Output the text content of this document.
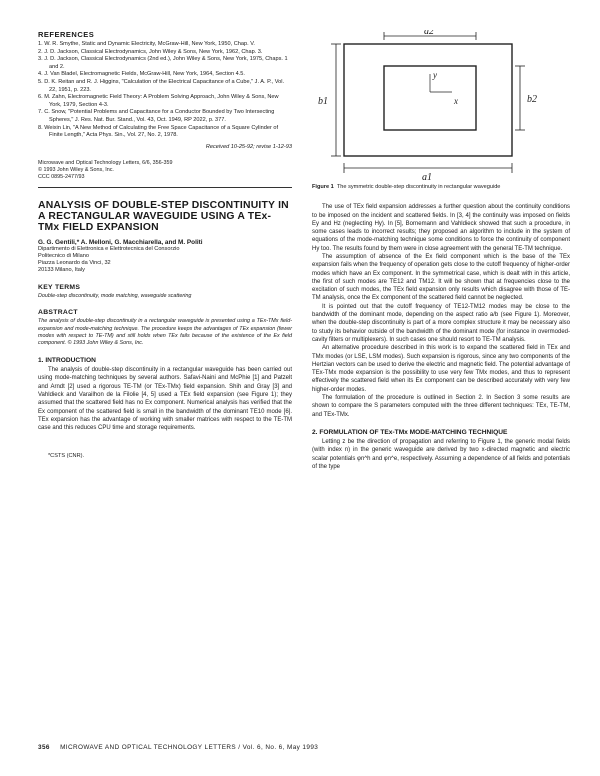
REFERENCES

1. W. R. Smythe, Static and Dynamic Electricity, McGraw-Hill, New York, 1950, Chap. V.

2. J. D. Jackson, Classical Electrodynamics, John Wiley & Sons, New York, 1962, Chap. 3.

3. J. D. Jackson, Classical Electrodynamics (2nd ed.), John Wiley & Sons, New York, 1975, Chaps. 1 and 2.

4. J. Van Bladel, Electromagnetic Fields, McGraw-Hill, New York, 1964, Section 4.5.

5. D. K. Reitan and R. J. Higgins, "Calculation of the Electrical Capacitance of a Cube," J. A. P., Vol. 22, 1951, p. 223.

6. M. Zahn, Electromagnetic Field Theory: A Problem Solving Approach, John Wiley & Sons, New York, 1979, Section 4-3.

7. C. Snow, "Potential Problems and Capacitance for a Conductor Bounded by Two Intersecting Spheres," J. Res. Nat. Bur. Stand., Vol. 43, Oct. 1949, RP 2022, p. 377.

8. Weixin Lin, "A New Method of Calculating the Free Space Capacitance of a Square Cylinder of Finite Length," Acta Phys. Sin., Vol. 27, No. 2, 1978.

Received 10-25-92; revise 1-12-93
Microwave and Optical Technology Letters, 6/6, 356-359
© 1993 John Wiley & Sons, Inc.
CCC 0895-2477/93
ANALYSIS OF DOUBLE-STEP DISCONTINUITY IN A RECTANGULAR WAVEGUIDE USING A TEx-TMx FIELD EXPANSION
G. G. Gentili,* A. Melloni, G. Macchiarella, and M. Politi
Dipartimento di Elettronica e Elettrotecnica del Consorzio
Politecnico di Milano
Piazza Leonardo da Vinci, 32
20133 Milano, Italy
KEY TERMS
Double-step discontinuity, mode matching, waveguide scattering
ABSTRACT

The analysis of double-step discontinuity in a rectangular waveguide is presented using a TEx-TMx field-expansion and mode-matching technique. The procedure keeps the advantages of TEx expansion (fewer modes with respect to TE-TM) and still holds when TEx fails because of the existence of the Ex field component. © 1993 John Wiley & Sons, Inc.

1. INTRODUCTION

The analysis of double-step discontinuity in a rectangular waveguide has been carried out using mode-matching techniques by several authors. Safavi-Naini and McPhie [1] and Patzelt and Arndt [2] used a rigorous TE-TM (or TEx-TMx) field expansion. Shih and Gray [3] and Vahldieck and Varailhon de la Filolie [4, 5] used a TEx field expansion (see Figure 1); they assumed that the scattered field has no Ex component. Numerical analysis has verified that the Ex component of the scattered field is small in the bandwidth of the dominant TE10 mode [6]. TEx expansion has the advantage of working with smaller matrices with respect to the TE-TM case and this reduces CPU time and storage requirements.

*CSTS (CNR).
a2
a1
b1	b2
x
y

Figure 1 The symmetric double-step discontinuity in rectangular waveguide

The use of TEx field expansion addresses a further question about the continuity conditions to be imposed on the incident and scattered fields. In [3, 4] the continuity was imposed on fields Ey and Hz (neglecting Hy). In [5], Bornemann and Vahldieck showed that such a procedure, in some cases leads to incorrect results; they proposed an algorithm to include in the system of equations of the mode-matching technique some conditions to force the continuity of component Hy too. The results found by them were in close agreement with the general TE-TM technique.

The assumption of absence of the Ex field component which is the base of the TEx expansion fails when the frequency of operation gets close to the cutoff frequency of higher-order modes which have an Ex component. In the symmetrical case, which is dealt with in this article, the first of such modes are TE12 and TM12. It will be shown that at frequencies close to the excitation of such modes, the TEx field expansion only results which disagree with those of TE-TM analysis, once the Ex component of the scattered field cannot be neglected.

It is pointed out that the cutoff frequency of TE12-TM12 modes may be close to the bandwidth of the dominant mode, depending on the aspect ratio a/b (see Figure 1). Moreover, when the double-step discontinuity is part of a more complex structure it may be necessary also to study its behavior outside of the bandwidth of the dominant mode (for instance in overmoded-cavity filters or multiplexers). In such cases one should resort to TE-TM analysis.

An alternative procedure described in this work is to expand the scattered field in TEx and TMx modes (or LSE, LSM modes). Such expansion is rigorous, since any two components of the Hertzian vectors can be used to derive the electric and magnetic field. The potential advantage of TEx-TMx mode expansion is the possibility to use very few TMx modes, and thus to represent effectively the scattered field when its Ex component can be described accurately with very few higher-order modes.

The formulation of the procedure is outlined in Section 2. In Section 3 some results are shown to compare the S parameters computed with the three different techniques: TEx, TE-TM, and TEx-TMx.

2. FORMULATION OF TEx-TMx MODE-MATCHING TECHNIQUE

Letting z be the direction of propagation and referring to Figure 1, the generic modal fields (with index n) in the generic waveguide are derived by two x-directed magnetic and electric scalar potentials φn^h and φn^e, respectively. Assuming a dependence of all fields and potentials of the type

356 MICROWAVE AND OPTICAL TECHNOLOGY LETTERS / Vol. 6, No. 6, May 1993
